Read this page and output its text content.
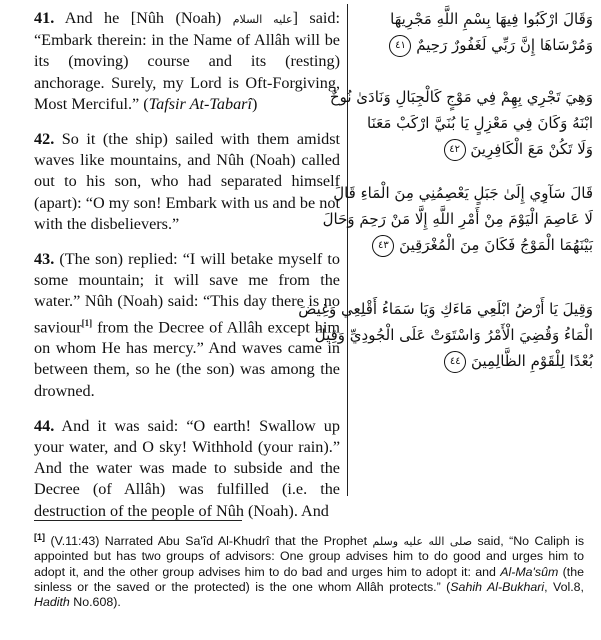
41. And he [Nûh (Noah) عليه السلام] said: “Embark therein: in the Name of Allâh will be its (moving) course and its (resting) anchorage. Surely, my Lord is Oft-Forgiving, Most Merciful.” (Tafsir At-Tabarî)

42. So it (the ship) sailed with them amidst waves like mountains, and Nûh (Noah) called out to his son, who had separated himself (apart): “O my son! Embark with us and be not with the disbelievers.”

43. (The son) replied: “I will betake myself to some mountain; it will save me from the water.” Nûh (Noah) said: “This day there is no saviour[1] from the Decree of Allâh except him on whom He has mercy.” And waves came in between them, so he (the son) was among the drowned.

44. And it was said: “O earth! Swallow up your water, and O sky! Withhold (your rain).” And the water was made to subside and the Decree (of Allâh) was fulfilled (i.e. the destruction of the people of Nûh (Noah). And

وَقَالَ ارْكَبُوا فِيهَا بِسْمِ اللَّهِ مَجْرِيهَا
وَمُرْسَاهَا إِنَّ رَبِّي لَغَفُورٌ رَحِيمٌ ٤١
وَهِيَ تَجْرِي بِهِمْ فِي مَوْجٍ كَالْجِبَالِ وَنَادَىٰ نُوحٌ
ابْنَهُ وَكَانَ فِي مَعْزِلٍ يَا بُنَيَّ ارْكَبْ مَعَنَا
وَلَا تَكُنْ مَعَ الْكَافِرِينَ ٤٢
قَالَ سَآوِي إِلَىٰ جَبَلٍ يَعْصِمُنِي مِنَ الْمَاءِ قَالَ
لَا عَاصِمَ الْيَوْمَ مِنْ أَمْرِ اللَّهِ إِلَّا مَنْ رَحِمَ وَحَالَ
بَيْنَهُمَا الْمَوْجُ فَكَانَ مِنَ الْمُغْرَقِينَ ٤٣
وَقِيلَ يَا أَرْضُ ابْلَعِي مَاءَكِ وَيَا سَمَاءُ أَقْلِعِي وَغِيضَ
الْمَاءُ وَقُضِيَ الْأَمْرُ وَاسْتَوَتْ عَلَى الْجُودِيِّ وَقِيلَ
بُعْدًا لِلْقَوْمِ الظَّالِمِينَ ٤٤

[1] (V.11:43) Narrated Abu Sa'îd Al-Khudrî that the Prophet صلى الله عليه وسلم said, “No Caliph is appointed but has two groups of advisors: One group advises him to do good and urges him to adopt it, and the other group advises him to do bad and urges him to adopt it: and Al-Ma'sûm (the sinless or the saved or the protected) is the one whom Allâh protects.” (Sahih Al-Bukhari, Vol.8, Hadith No.608).
